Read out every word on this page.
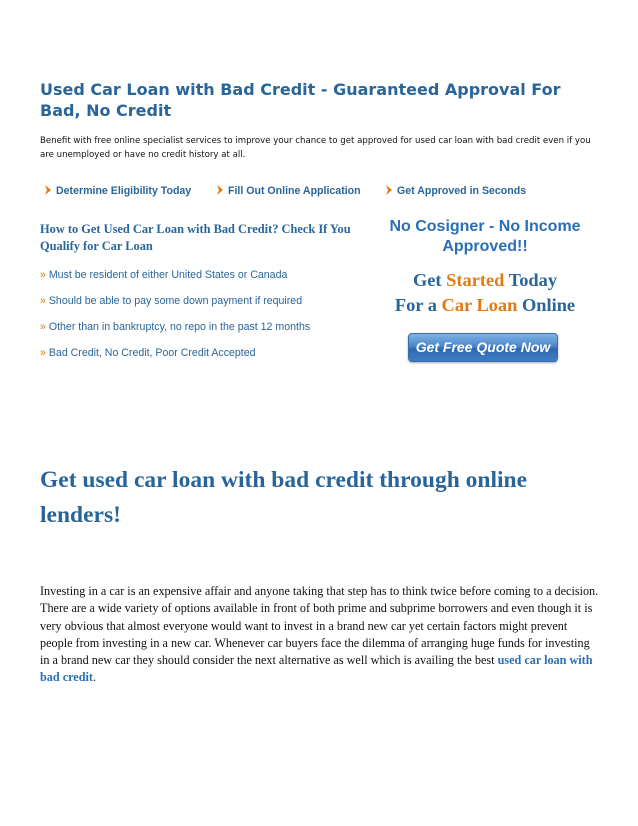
Used Car Loan with Bad Credit - Guaranteed Approval For Bad, No Credit
Benefit with free online specialist services to improve your chance to get approved for used car loan with bad credit even if you are unemployed or have no credit history at all.
Determine Eligibility Today	Fill Out Online Application	Get Approved in Seconds
How to Get Used Car Loan with Bad Credit? Check If You Qualify for Car Loan
» Must be resident of either United States or Canada
» Should be able to pay some down payment if required
» Other than in bankruptcy, no repo in the past 12 months
» Bad Credit, No Credit, Poor Credit Accepted
No Cosigner - No Income Approved!!
Get Started Today
For a Car Loan Online
Get Free Quote Now >>
Get used car loan with bad credit through online lenders!

Investing in a car is an expensive affair and anyone taking that step has to think twice before coming to a decision. There are a wide variety of options available in front of both prime and subprime borrowers and even though it is very obvious that almost everyone would want to invest in a brand new car yet certain factors might prevent people from investing in a new car. Whenever car buyers face the dilemma of arranging huge funds for investing in a brand new car they should consider the next alternative as well which is availing the best used car loan with bad credit.
